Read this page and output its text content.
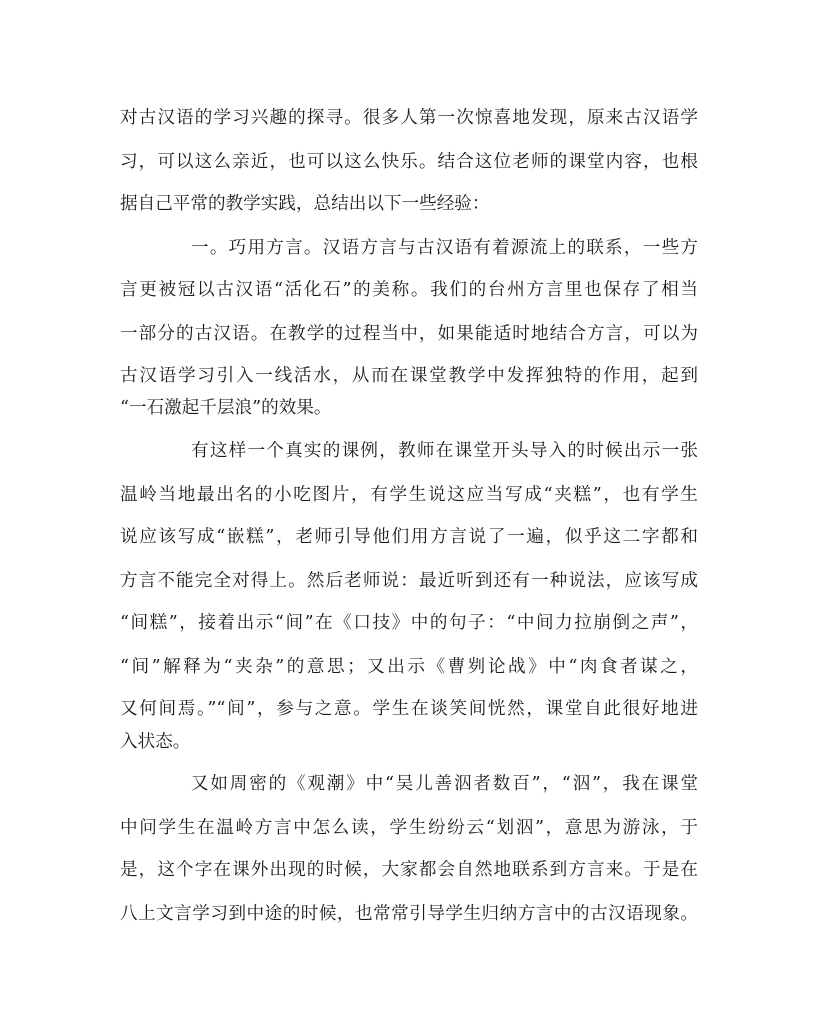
对古汉语的学习兴趣的探寻。很多人第一次惊喜地发现，原来古汉语学
习，可以这么亲近，也可以这么快乐。结合这位老师的课堂内容，也根
据自己平常的教学实践，总结出以下一些经验：
一。巧用方言。汉语方言与古汉语有着源流上的联系，一些方
言更被冠以古汉语“活化石”的美称。我们的台州方言里也保存了相当
一部分的古汉语。在教学的过程当中，如果能适时地结合方言，可以为
古汉语学习引入一线活水，从而在课堂教学中发挥独特的作用，起到
“一石激起千层浪”的效果。
有这样一个真实的课例，教师在课堂开头导入的时候出示一张
温岭当地最出名的小吃图片，有学生说这应当写成“夹糕”，也有学生
说应该写成“嵌糕”，老师引导他们用方言说了一遍，似乎这二字都和
方言不能完全对得上。然后老师说：最近听到还有一种说法，应该写成
“间糕”，接着出示“间”在《口技》中的句子：“中间力拉崩倒之声”，
“间”解释为“夹杂”的意思；又出示《曹刿论战》中“肉食者谋之，
又何间焉。”“间”，参与之意。学生在谈笑间恍然，课堂自此很好地进
入状态。
又如周密的《观潮》中“吴儿善泅者数百”，“泅”，我在课堂
中问学生在温岭方言中怎么读，学生纷纷云“划泅”，意思为游泳，于
是，这个字在课外出现的时候，大家都会自然地联系到方言来。于是在
八上文言学习到中途的时候，也常常引导学生归纳方言中的古汉语现象。
